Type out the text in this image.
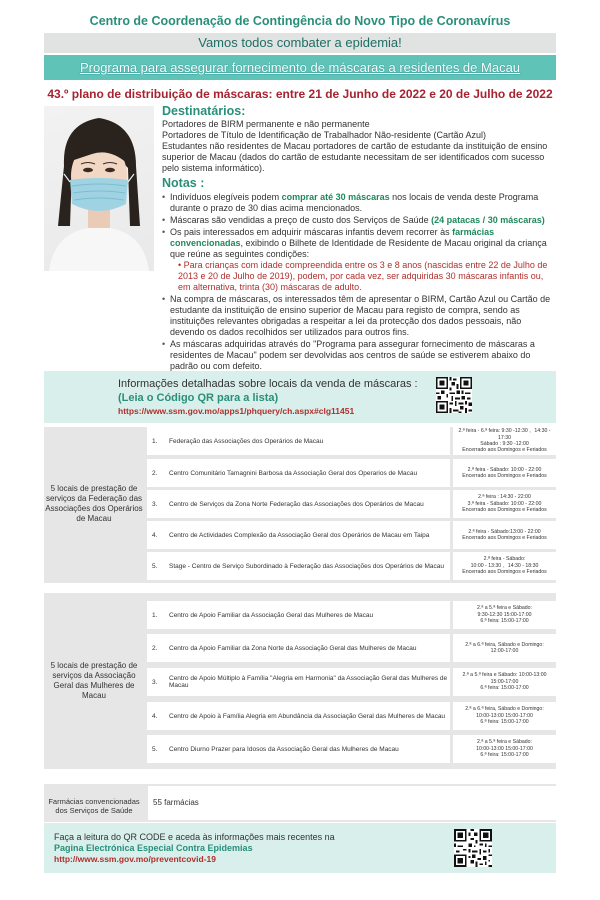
Centro de Coordenação de Contingência do Novo Tipo de Coronavírus
Vamos todos combater a epidemia!
Programa para assegurar fornecimento de máscaras a residentes de Macau
43.º plano de distribuição de máscaras: entre 21 de Junho de 2022 e 20 de Julho de 2022
Destinatários:

Portadores de BIRM permanente e não permanente

Portadores de Título de Identificação de Trabalhador Não-residente (Cartão Azul)

Estudantes não residentes de Macau portadores de cartão de estudante da instituição de ensino superior de Macau (dados do cartão de estudante necessitam de ser identificados com sucesso pelo sistema informático).

Notas :
• Indivíduos elegíveis podem comprar até 30 máscaras nos locais de venda deste Programa durante o prazo de 30 dias acima mencionados.
• Máscaras são vendidas a preço de custo dos Serviços de Saúde (24 patacas / 30 máscaras)
• Os pais interessados em adquirir máscaras infantis devem recorrer às farmácias convencionadas, exibindo o Bilhete de Identidade de Residente de Macau original da criança que reúne as seguintes condições:
• Para crianças com idade compreendida entre os 3 e 8 anos (nascidas entre 22 de Julho de 2013 e 20 de Julho de 2019), podem, por cada vez, ser adquiridas 30 máscaras infantis ou, em alternativa, trinta (30) máscaras de adulto.
• Na compra de máscaras, os interessados têm de apresentar o BIRM, Cartão Azul ou Cartão de estudante da instituição de ensino superior de Macau para registo de compra, sendo as instituições relevantes obrigadas a respeitar a lei da protecção dos dados pessoais, não devendo os dados recolhidos ser utilizados para outros fins.
• As máscaras adquiridas através do "Programa para assegurar fornecimento de máscaras a residentes de Macau" podem ser devolvidas aos centros de saúde se estiverem abaixo do padrão ou com defeito.
Informações detalhadas sobre locais da venda de máscaras :
(Leia o Código QR para a lista)
https://www.ssm.gov.mo/apps1/phquery/ch.aspx#clg11451
5 locais de prestação de serviços da Federação das Associações dos Operários de Macau
1.	Federação das Associações dos Operários de Macau
2.ª feira - 6.ª feira: 9:30 -12:30 、14:30 - 17:30
Sábado : 9:30 -12:00
Encerrado aos Domingos e Feriados
2.	Centro Comunitário Tamagnini Barbosa da Associação Geral dos Operarios de Macau	2.ª feira - Sábado: 10:00 - 22:00
Encerrado aos Domingos e Feriados
3.	Centro de Serviços da Zona Norte Federação das Associações dos Operários de Macau
2.ª feira : 14:30 - 22:00
3.ª feira - Sábado: 10:00 - 22:00
Encerrado aos Domingos e Feriados
4.	Centro de Actividades Complexão da Associação Geral dos Operários de Macau em Taipa	2.ª feira - Sábado:13:00 - 22:00
Encerrado aos Domingos e Feriados
5.	Stage - Centro de Serviço Subordinado à Federação das Associações dos Operários de Macau
2.ª feira - Sábado:
10:00 - 13:30 、14:30 - 18:30
Encerrado aos Domingos e Feriados
5 locais de prestação de serviços da Associação Geral das Mulheres de Macau
1.	Centro de Apoio Familiar da Associação Geral das Mulheres de Macau
2.ª a 5.ª feira e Sábado:
9:30-12:30 15:00-17:00
6.ª feira: 15:00-17:00
2.	Centro da Apoio Familiar da Zona Norte da Associação Geral das Mulheres de Macau	2.ª a 6.ª feira, Sábado e Domingo:
12:00-17:00
3.	Centro de Apoio Múltiplo à Família "Alegria em Harmonia" da Associação Geral das Mulheres de Macau
2.ª a 5.ª feira e Sábado: 10:00-13:00
15:00-17:00
6.ª feira: 15:00-17:00
4.	Centro de Apoio à Família Alegria em Abundância da Associação Geral das Mulheres de Macau
2.ª a 6.ª feira, Sábado e Domingo:
10:00-13:00 15:00-17:00
6.ª feira: 15:00-17:00
5.	Centro Diurno Prazer para Idosos da Associação Geral das Mulheres de Macau
2.ª a 5.ª feira e Sábado:
10:00-13:00 15:00-17:00
6.ª feira: 15:00-17:00
Farmácias convencionadas dos Serviços de Saúde
55 farmácias
Faça a leitura do QR CODE e aceda às informações mais recentes na
Pagina Electrónica Especial Contra Epidemias
http://www.ssm.gov.mo/preventcovid-19
